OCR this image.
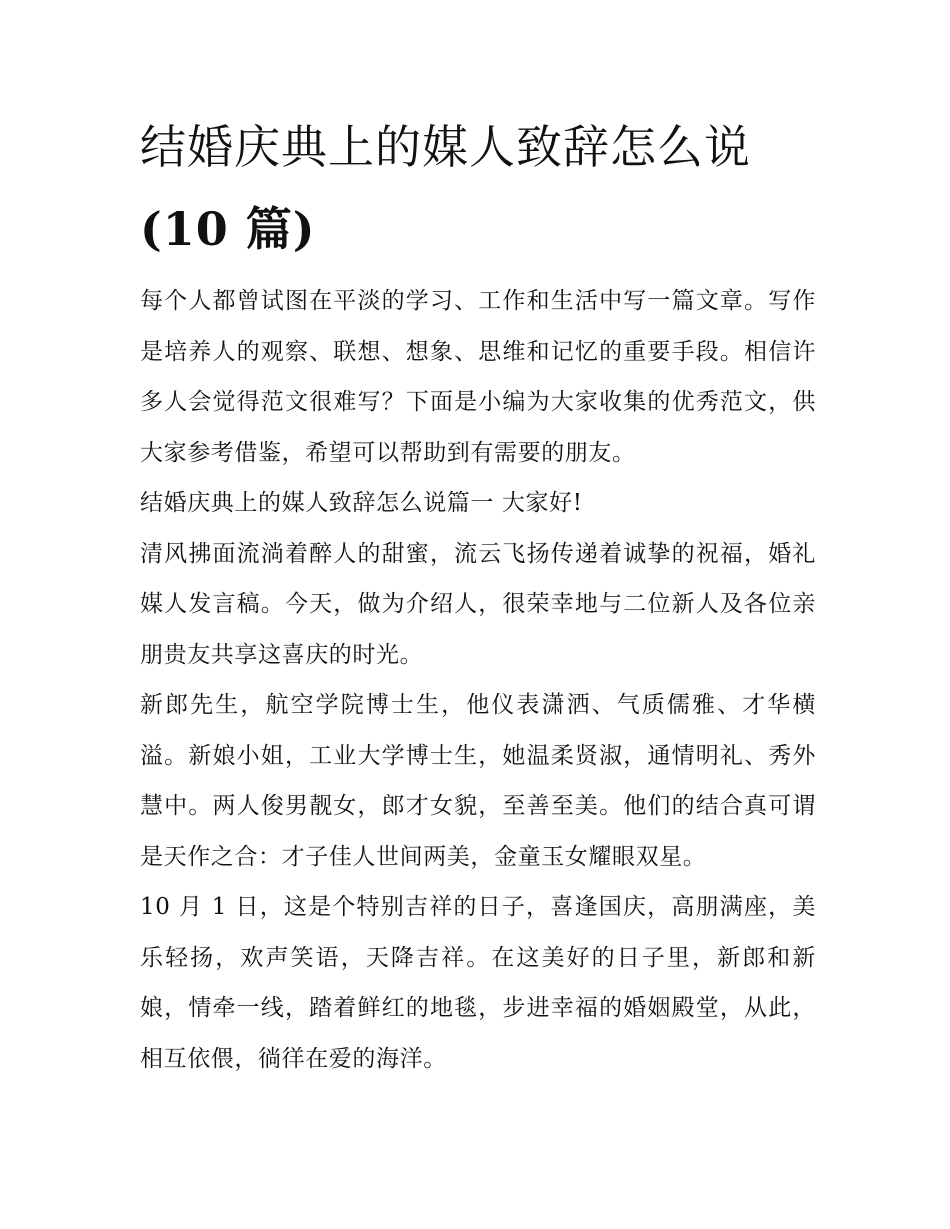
结婚庆典上的媒人致辞怎么说
(10 篇)

每个人都曾试图在平淡的学习、工作和生活中写一篇文章。写作是培养人的观察、联想、想象、思维和记忆的重要手段。相信许多人会觉得范文很难写？下面是小编为大家收集的优秀范文，供大家参考借鉴，希望可以帮助到有需要的朋友。

结婚庆典上的媒人致辞怎么说篇一 大家好!

清风拂面流淌着醉人的甜蜜，流云飞扬传递着诚挚的祝福，婚礼媒人发言稿。今天，做为介绍人，很荣幸地与二位新人及各位亲朋贵友共享这喜庆的时光。

新郎先生，航空学院博士生，他仪表潇洒、气质儒雅、才华横溢。新娘小姐，工业大学博士生，她温柔贤淑，通情明礼、秀外慧中。两人俊男靓女，郎才女貌，至善至美。他们的结合真可谓是天作之合：才子佳人世间两美，金童玉女耀眼双星。

10 月 1 日，这是个特别吉祥的日子，喜逢国庆，高朋满座，美乐轻扬，欢声笑语，天降吉祥。在这美好的日子里，新郎和新娘，情牵一线，踏着鲜红的地毯，步进幸福的婚姻殿堂，从此，相互依偎，徜徉在爱的海洋。
